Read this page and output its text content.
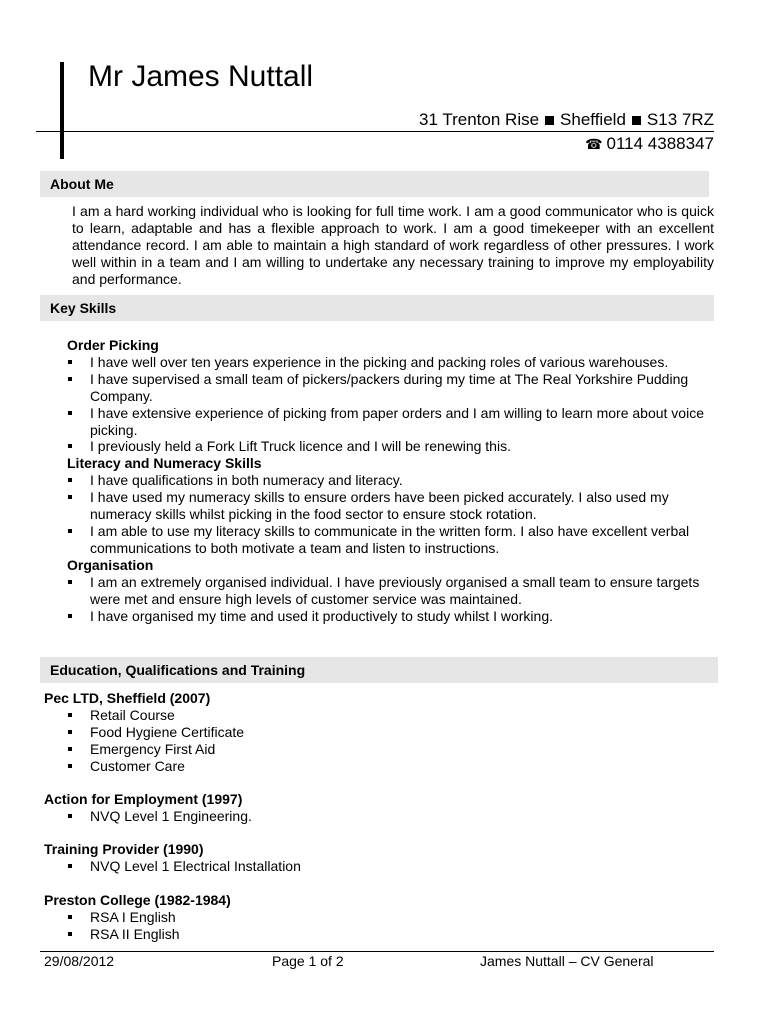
Mr James Nuttall
31 Trenton Rise Sheffield S13 7RZ
☎ 0114 4388347
About Me
I am a hard working individual who is looking for full time work. I am a good communicator who is quick to learn, adaptable and has a flexible approach to work. I am a good timekeeper with an excellent attendance record. I am able to maintain a high standard of work regardless of other pressures. I work well within in a team and I am willing to undertake any necessary training to improve my employability and performance.
Key Skills
Order Picking
I have well over ten years experience in the picking and packing roles of various warehouses.
I have supervised a small team of pickers/packers during my time at The Real Yorkshire Pudding Company.
I have extensive experience of picking from paper orders and I am willing to learn more about voice picking.
I previously held a Fork Lift Truck licence and I will be renewing this.
Literacy and Numeracy Skills
I have qualifications in both numeracy and literacy.
I have used my numeracy skills to ensure orders have been picked accurately. I also used my numeracy skills whilst picking in the food sector to ensure stock rotation.
I am able to use my literacy skills to communicate in the written form. I also have excellent verbal communications to both motivate a team and listen to instructions.
Organisation
I am an extremely organised individual. I have previously organised a small team to ensure targets were met and ensure high levels of customer service was maintained.
I have organised my time and used it productively to study whilst I working.
Education, Qualifications and Training
Pec LTD, Sheffield (2007)
Retail Course
Food Hygiene Certificate
Emergency First Aid
Customer Care
Action for Employment (1997)
NVQ Level 1 Engineering.
Training Provider (1990)
NVQ Level 1 Electrical Installation
Preston College (1982-1984)
RSA I English
RSA II English
29/08/2012	Page 1 of 2	James Nuttall – CV General
